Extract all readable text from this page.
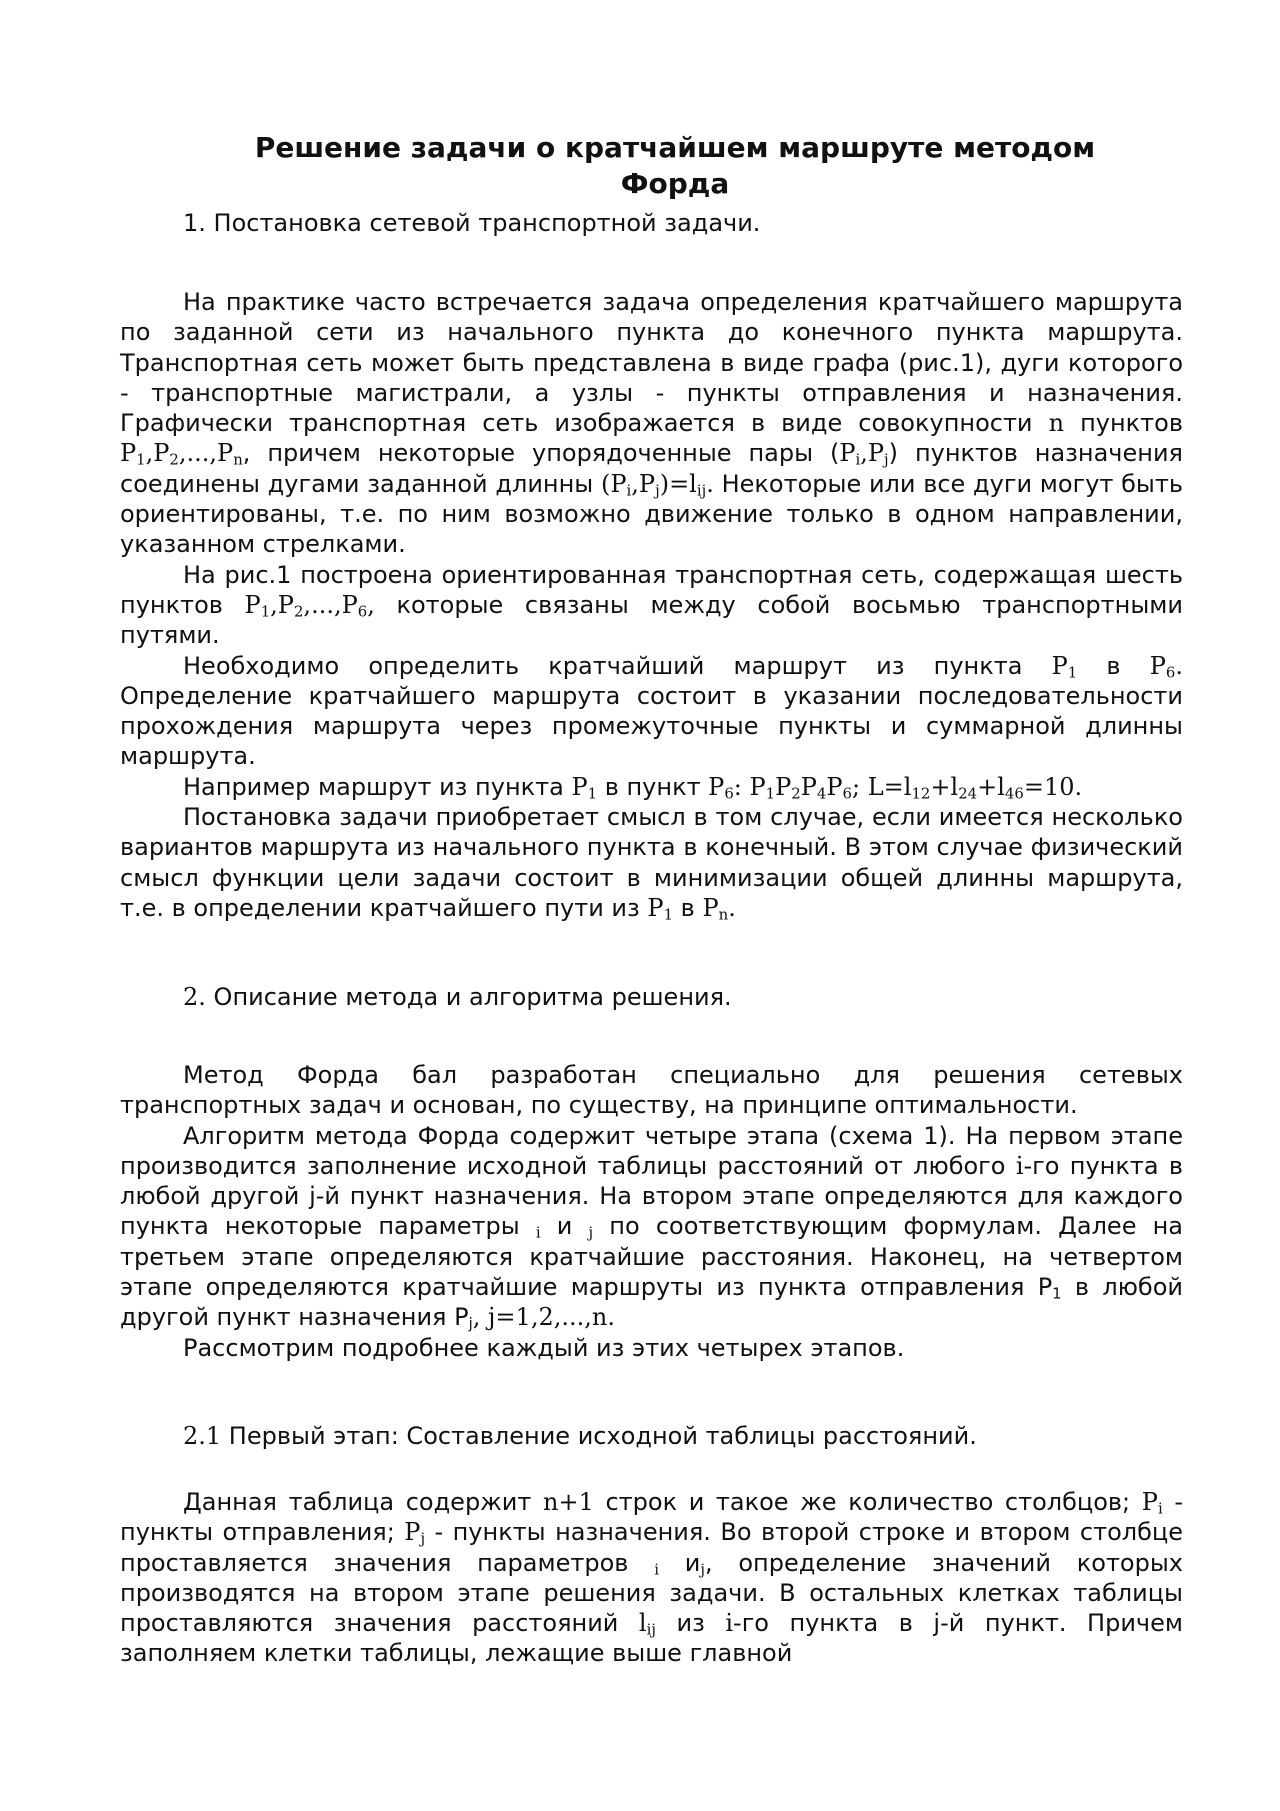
Решение задачи о кратчайшем маршруте методом Форда

1. Постановка сетевой транспортной задачи.

На практике часто встречается задача определения кратчайшего маршрута по заданной сети из начального пункта до конечного пункта маршрута. Транспортная сеть может быть представлена в виде графа (рис.1), дуги которого - транспортные магистрали, а узлы - пункты отправления и назначения. Графически транспортная сеть изображается в виде совокупности n пунктов $P_1,P_2,...,P_n$, причем некоторые упорядоченные пары $(P_i,P_j)$ пунктов назначения соединены дугами заданной длинны $(P_i,P_j)=l_{ij}$. Некоторые или все дуги могут быть ориентированы, т.е. по ним возможно движение только в одном направлении, указанном стрелками.

На рис.1 построена ориентированная транспортная сеть, содержащая шесть пунктов $P_1,P_2,...,P_6$, которые связаны между собой восьмью транспортными путями.

Необходимо определить кратчайший маршрут из пункта $P_1$ в $P_6$. Определение кратчайшего маршрута состоит в указании последовательности прохождения маршрута через промежуточные пункты и суммарной длинны маршрута.

Например маршрут из пункта $P_1$ в пункт $P_6$: $P_1P_2P_4P_6$; $L=l_{12}+l_{24}+l_{46}=10$.

Постановка задачи приобретает смысл в том случае, если имеется несколько вариантов маршрута из начального пункта в конечный. В этом случае физический смысл функции цели задачи состоит в минимизации общей длинны маршрута, т.е. в определении кратчайшего пути из $P_1$ в $P_n$.

2. Описание метода и алгоритма решения.

Метод Форда бал разработан специально для решения сетевых транспортных задач и основан, по существу, на принципе оптимальности.

Алгоритм метода Форда содержит четыре этапа (схема 1). На первом этапе производится заполнение исходной таблицы расстояний от любого i-го пункта в любой другой j-й пункт назначения. На втором этапе определяются для каждого пункта некоторые параметры $_i$ и $_j$ по соответствующим формулам. Далее на третьем этапе определяются кратчайшие расстояния. Наконец, на четвертом этапе определяются кратчайшие маршруты из пункта отправления $P_1$ в любой другой пункт назначения $P_j$, j=1,2,...,n.

Рассмотрим подробнее каждый из этих четырех этапов.

2.1 Первый этап: Составление исходной таблицы расстояний.

Данная таблица содержит n+1 строк и такое же количество столбцов; $P_i$ - пункты отправления; $P_j$ - пункты назначения. Во второй строке и втором столбце проставляется значения параметров $_i$ $и_j$, определение значений которых производятся на втором этапе решения задачи. В остальных клетках таблицы проставляются значения расстояний $l_{ij}$ из i-го пункта в j-й пункт. Причем заполняем клетки таблицы, лежащие выше главной
